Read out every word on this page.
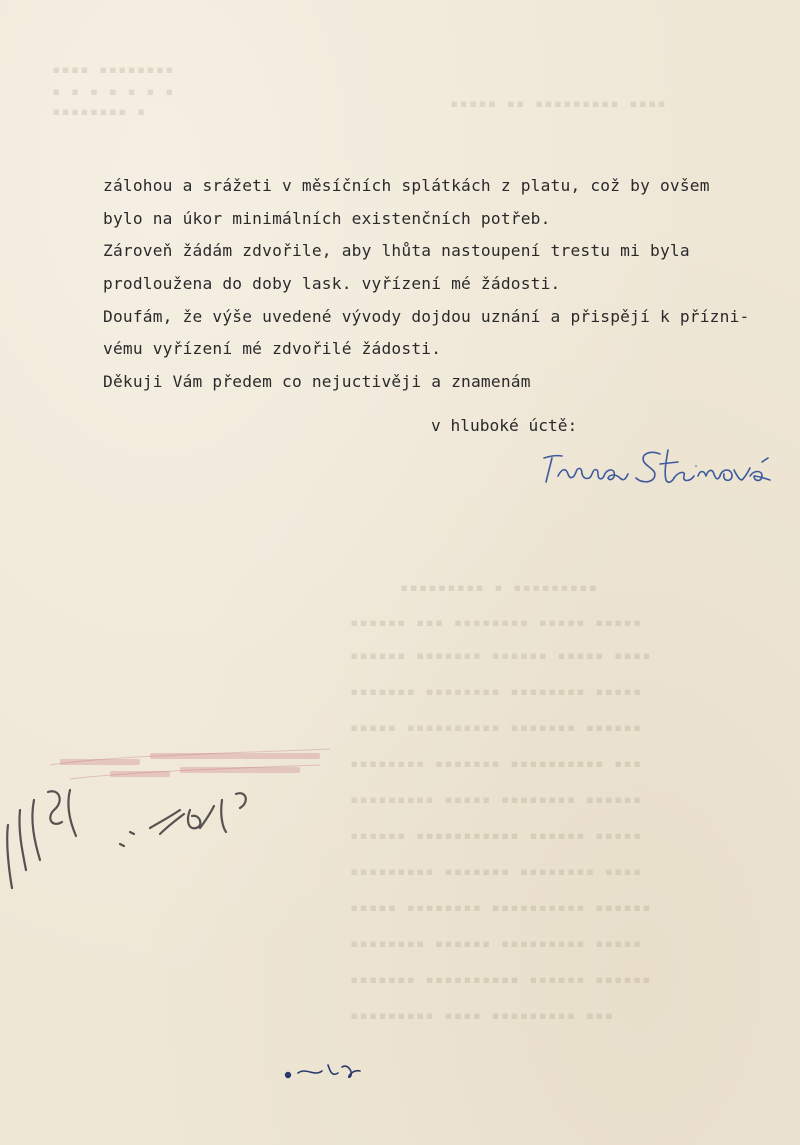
▪▪▪▪ ▪▪▪▪▪▪▪▪
▪ ▪ ▪ ▪ ▪ ▪ ▪
▪▪▪▪▪▪▪▪ ▪	▪▪▪▪▪ ▪▪ ▪▪▪▪▪▪▪▪▪ ▪▪▪▪
▪▪▪▪▪▪▪▪▪ ▪ ▪▪▪▪▪▪▪▪▪
▪▪▪▪▪▪ ▪▪▪ ▪▪▪▪▪▪▪▪ ▪▪▪▪▪ ▪▪▪▪▪
▪▪▪▪▪▪ ▪▪▪▪▪▪▪ ▪▪▪▪▪▪ ▪▪▪▪▪ ▪▪▪▪
▪▪▪▪▪▪▪ ▪▪▪▪▪▪▪▪ ▪▪▪▪▪▪▪▪ ▪▪▪▪▪
▪▪▪▪▪ ▪▪▪▪▪▪▪▪▪▪ ▪▪▪▪▪▪▪ ▪▪▪▪▪▪
▪▪▪▪▪▪▪▪ ▪▪▪▪▪▪▪ ▪▪▪▪▪▪▪▪▪▪ ▪▪▪
▪▪▪▪▪▪▪▪▪ ▪▪▪▪▪ ▪▪▪▪▪▪▪▪ ▪▪▪▪▪▪
▪▪▪▪▪▪ ▪▪▪▪▪▪▪▪▪▪▪ ▪▪▪▪▪▪ ▪▪▪▪▪
▪▪▪▪▪▪▪▪▪ ▪▪▪▪▪▪▪ ▪▪▪▪▪▪▪▪ ▪▪▪▪
▪▪▪▪▪ ▪▪▪▪▪▪▪▪ ▪▪▪▪▪▪▪▪▪▪ ▪▪▪▪▪▪
▪▪▪▪▪▪▪▪ ▪▪▪▪▪▪ ▪▪▪▪▪▪▪▪▪ ▪▪▪▪▪
▪▪▪▪▪▪▪ ▪▪▪▪▪▪▪▪▪▪ ▪▪▪▪▪▪ ▪▪▪▪▪▪
▪▪▪▪▪▪▪▪▪ ▪▪▪▪ ▪▪▪▪▪▪▪▪▪ ▪▪▪
zálohou a srážeti v měsíčních splátkách z platu, což by ovšem
bylo na úkor minimálních existenčních potřeb.
Zároveň žádám zdvořile, aby lhůta nastoupení trestu mi byla
prodloužena do doby lask. vyřízení mé žádosti.
Doufám, že výše uvedené vývody dojdou uznání a přispějí k přízni-
vému vyřízení mé zdvořilé žádosti.
Děkuji Vám předem co nejuctivěji a znamenám
v hluboké úctě:
